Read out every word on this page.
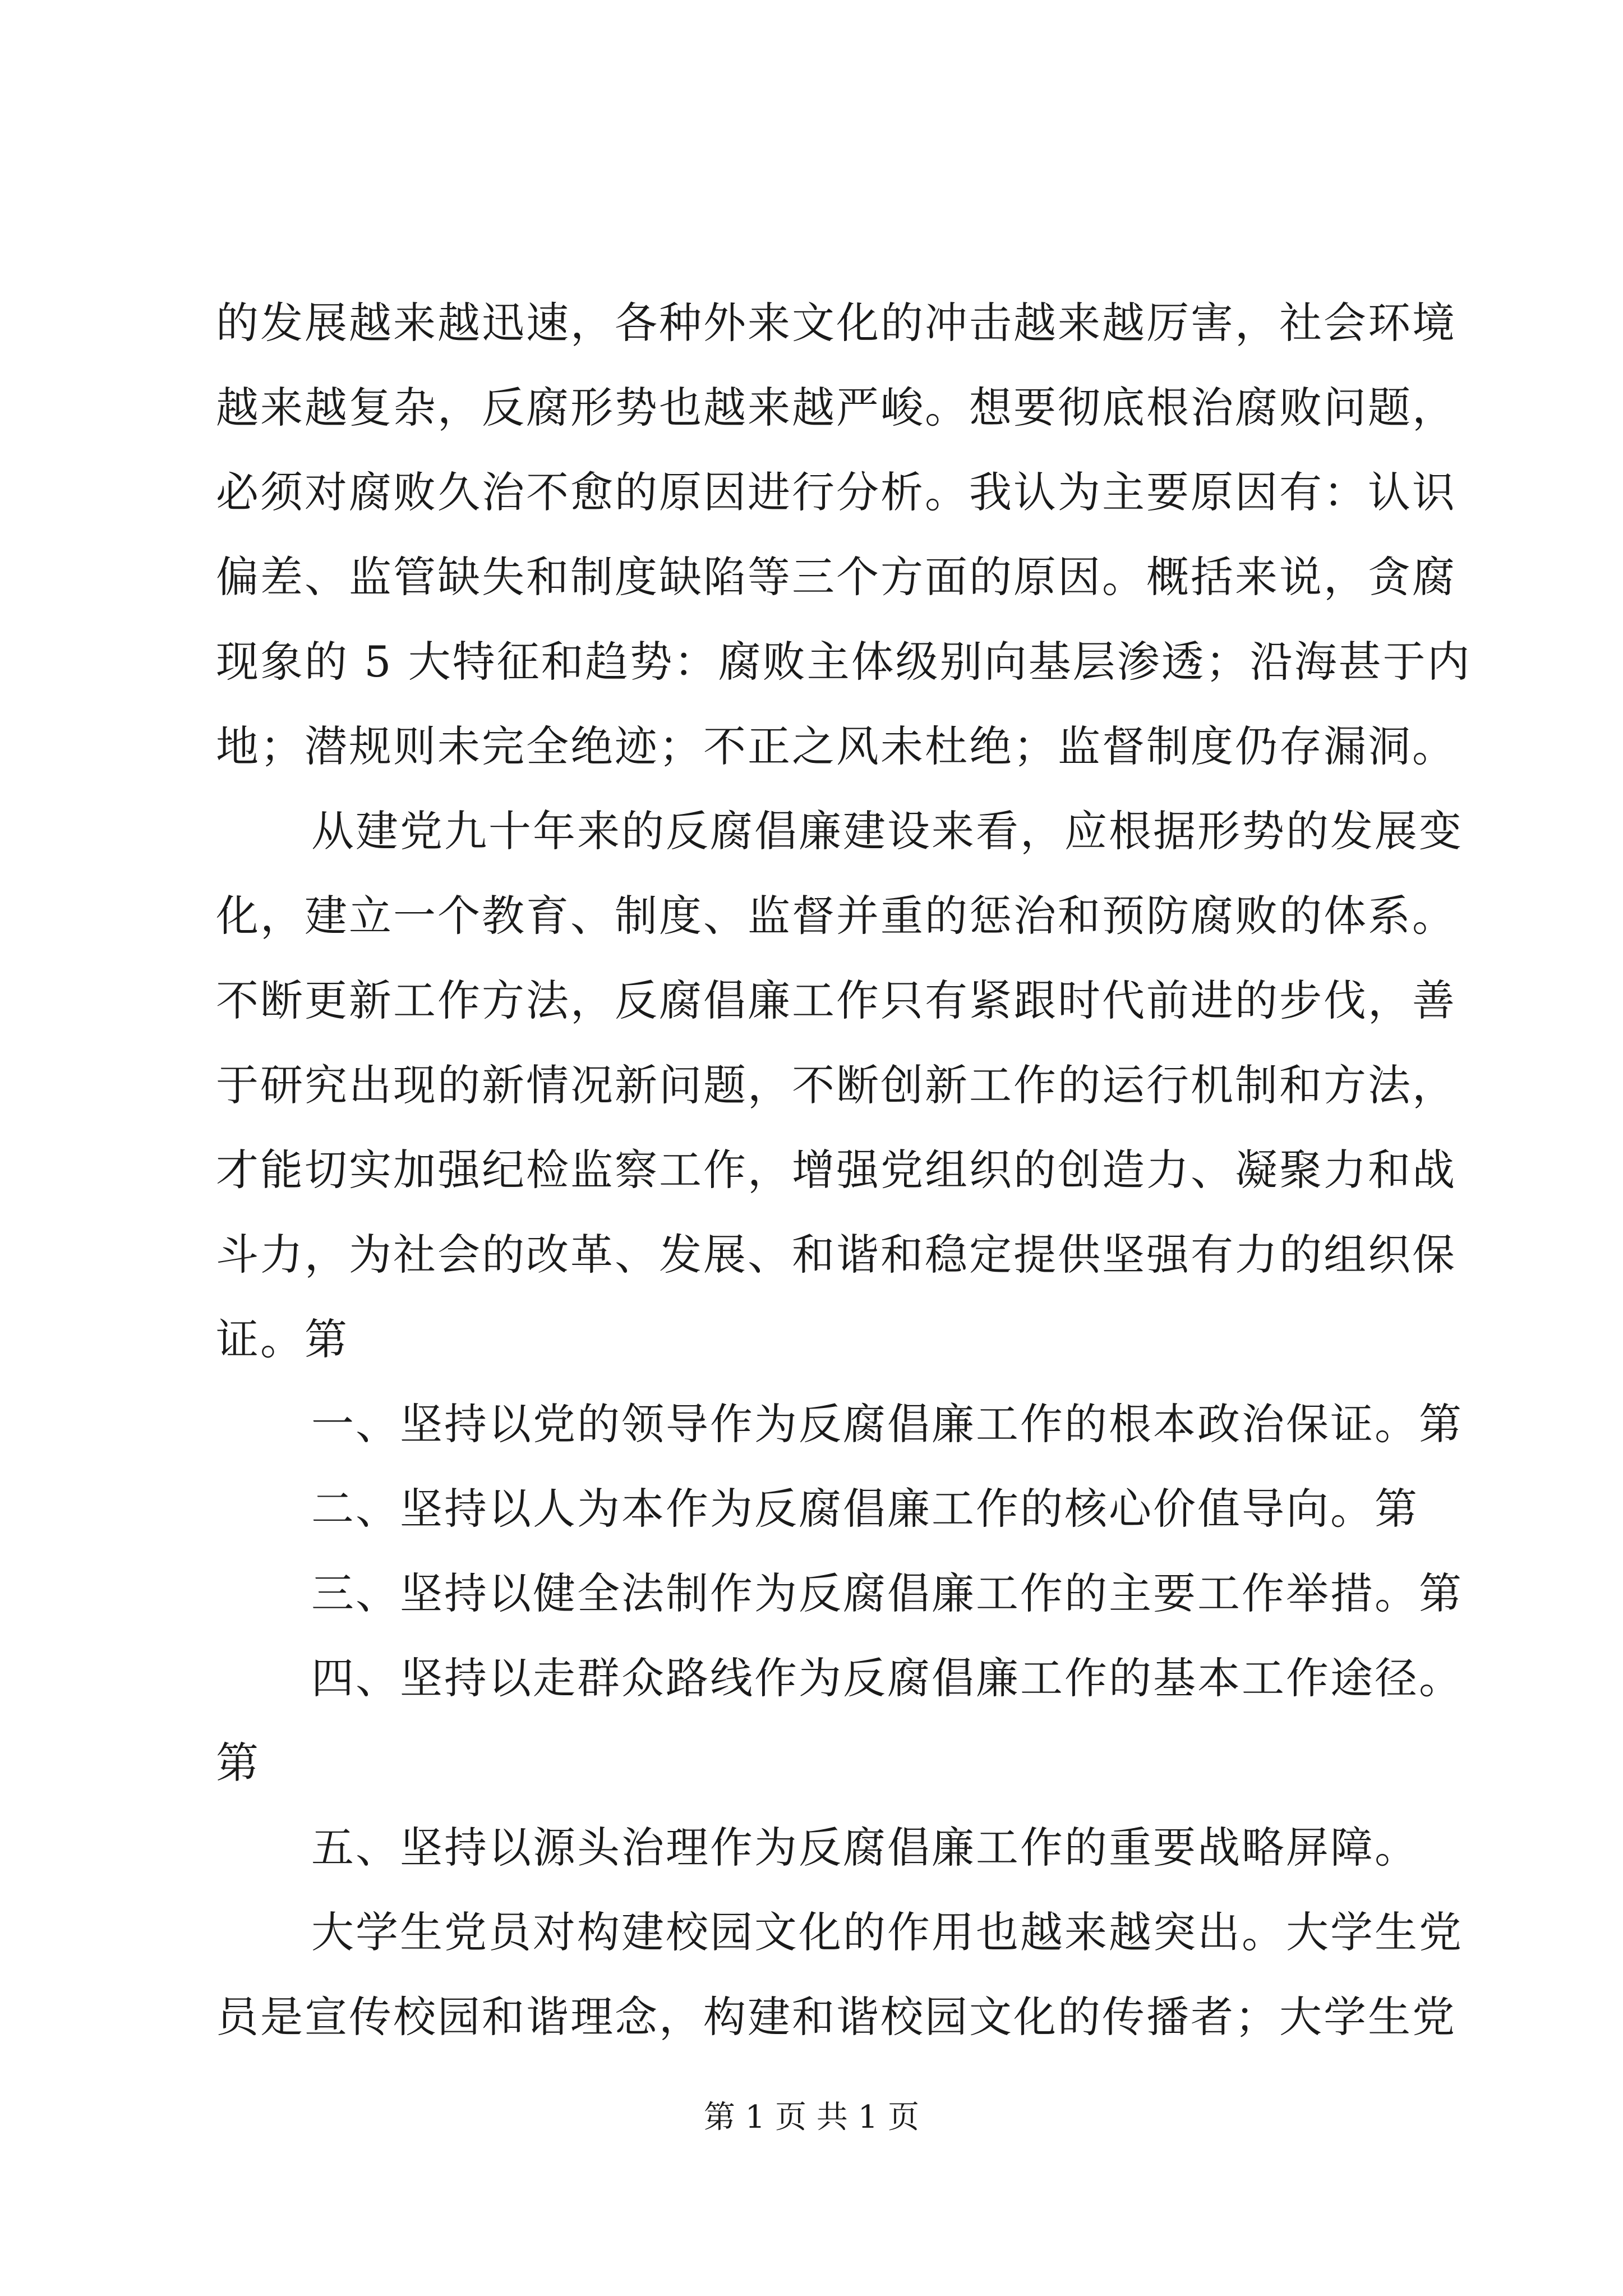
的发展越来越迅速，各种外来文化的冲击越来越厉害，社会环境
越来越复杂，反腐形势也越来越严峻。想要彻底根治腐败问题，
必须对腐败久治不愈的原因进行分析。我认为主要原因有：认识
偏差、监管缺失和制度缺陷等三个方面的原因。概括来说，贪腐
现象的 5 大特征和趋势：腐败主体级别向基层渗透；沿海甚于内
地；潜规则未完全绝迹；不正之风未杜绝；监督制度仍存漏洞。
从建党九十年来的反腐倡廉建设来看，应根据形势的发展变
化，建立一个教育、制度、监督并重的惩治和预防腐败的体系。
不断更新工作方法，反腐倡廉工作只有紧跟时代前进的步伐，善
于研究出现的新情况新问题，不断创新工作的运行机制和方法，
才能切实加强纪检监察工作，增强党组织的创造力、凝聚力和战
斗力，为社会的改革、发展、和谐和稳定提供坚强有力的组织保
证。第
一、坚持以党的领导作为反腐倡廉工作的根本政治保证。第
二、坚持以人为本作为反腐倡廉工作的核心价值导向。第
三、坚持以健全法制作为反腐倡廉工作的主要工作举措。第
四、坚持以走群众路线作为反腐倡廉工作的基本工作途径。
第
五、坚持以源头治理作为反腐倡廉工作的重要战略屏障。
大学生党员对构建校园文化的作用也越来越突出。大学生党
员是宣传校园和谐理念，构建和谐校园文化的传播者；大学生党
第 1 页 共 1 页
